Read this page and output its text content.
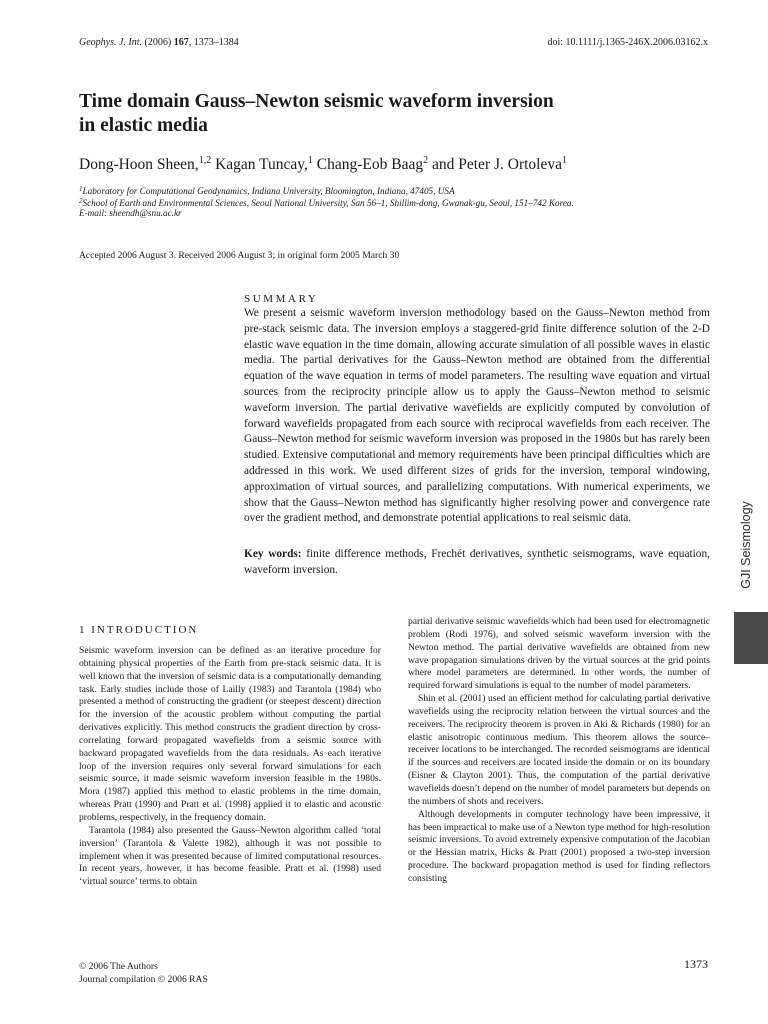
Geophys. J. Int. (2006) 167, 1373–1384	doi: 10.1111/j.1365-246X.2006.03162.x
Time domain Gauss–Newton seismic waveform inversion
in elastic media
Dong-Hoon Sheen,$^{1,2}$ Kagan Tuncay,$^1$ Chang-Eob Baag$^2$ and Peter J. Ortoleva$^1$
$^1$Laboratory for Computational Geodynamics, Indiana University, Bloomington, Indiana, 47405, USA
$^2$School of Earth and Environmental Sciences, Seoul National University, San 56–1, Shillim-dong, Gwanak-gu, Seoul, 151–742 Korea.
E-mail: sheendh@snu.ac.kr
Accepted 2006 August 3. Received 2006 August 3; in original form 2005 March 30
SUMMARY
We present a seismic waveform inversion methodology based on the Gauss–Newton method from pre-stack seismic data. The inversion employs a staggered-grid finite difference solution of the 2-D elastic wave equation in the time domain, allowing accurate simulation of all possible waves in elastic media. The partial derivatives for the Gauss–Newton method are obtained from the differential equation of the wave equation in terms of model parameters. The resulting wave equation and virtual sources from the reciprocity principle allow us to apply the Gauss–Newton method to seismic waveform inversion. The partial derivative wavefields are explicitly computed by convolution of forward wavefields propagated from each source with reciprocal wavefields from each receiver. The Gauss–Newton method for seismic waveform inversion was proposed in the 1980s but has rarely been studied. Extensive computational and memory requirements have been principal difficulties which are addressed in this work. We used different sizes of grids for the inversion, temporal windowing, approximation of virtual sources, and parallelizing computations. With numerical experiments, we show that the Gauss–Newton method has significantly higher resolving power and convergence rate over the gradient method, and demonstrate potential applications to real seismic data.
Key words: finite difference methods, Frechét derivatives, synthetic seismograms, wave equation, waveform inversion.
1 INTRODUCTION

Seismic waveform inversion can be defined as an iterative procedure for obtaining physical properties of the Earth from pre-stack seismic data. It is well known that the inversion of seismic data is a computationally demanding task. Early studies include those of Lailly (1983) and Tarantola (1984) who presented a method of constructing the gradient (or steepest descent) direction for the inversion of the acoustic problem without computing the partial derivatives explicitly. This method constructs the gradient direction by cross-correlating forward propagated wavefields from a seismic source with backward propagated wavefields from the data residuals. As each iterative loop of the inversion requires only several forward simulations for each seismic source, it made seismic waveform inversion feasible in the 1980s. Mora (1987) applied this method to elastic problems in the time domain, whereas Pratt (1990) and Pratt et al. (1998) applied it to elastic and acoustic problems, respectively, in the frequency domain.

Tarantola (1984) also presented the Gauss–Newton algorithm called ‘total inversion’ (Tarantola & Valette 1982), although it was not possible to implement when it was presented because of limited computational resources. In recent years, however, it has become feasible. Pratt et al. (1998) used ‘virtual source’ terms to obtain

partial derivative seismic wavefields which had been used for electromagnetic problem (Rodi 1976), and solved seismic waveform inversion with the Newton method. The partial derivative wavefields are obtained from new wave propagation simulations driven by the virtual sources at the grid points where model parameters are determined. In other words, the number of required forward simulations is equal to the number of model parameters.

Shin et al. (2001) used an efficient method for calculating partial derivative wavefields using the reciprocity relation between the virtual sources and the receivers. The reciprocity theorem is proven in Aki & Richards (1980) for an elastic anisotropic continuous medium. This theorem allows the source–receiver locations to be interchanged. The recorded seismograms are identical if the sources and receivers are located inside the domain or on its boundary (Eisner & Clayton 2001). Thus, the computation of the partial derivative wavefields doesn’t depend on the number of model parameters but depends on the numbers of shots and receivers.

Although developments in computer technology have been impressive, it has been impractical to make use of a Newton type method for high-resolution seismic inversions. To avoid extremely expensive computation of the Jacobian or the Hessian matrix, Hicks & Pratt (2001) proposed a two-step inversion procedure. The backward propagation method is used for finding reflectors consisting

© 2006 The Authors
Journal compilation © 2006 RAS
1373
GJI Seismology
